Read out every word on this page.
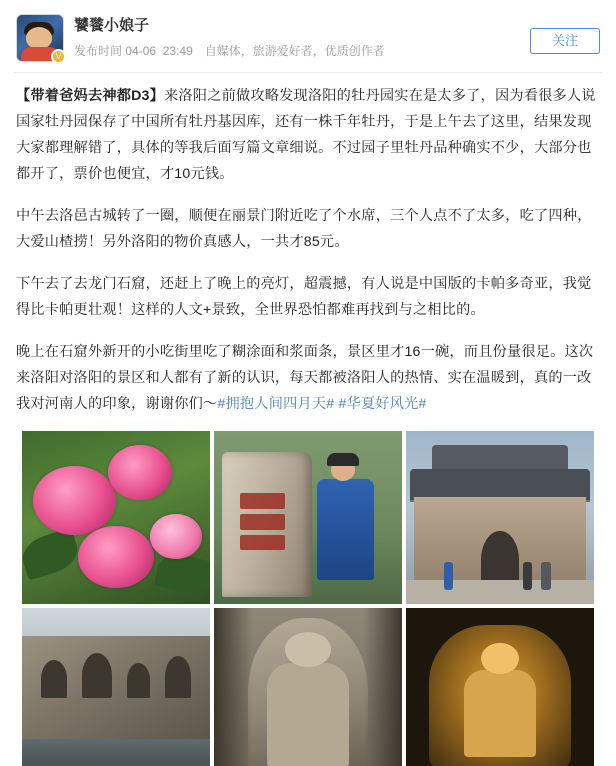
V
饕餮小娘子
发布时间 04-06 23:49 自媒体，旅游爱好者，优质创作者
关注

【带着爸妈去神都D3】来洛阳之前做攻略发现洛阳的牡丹园实在是太多了，因为看很多人说国家牡丹园保存了中国所有牡丹基因库，还有一株千年牡丹，于是上午去了这里，结果发现大家都理解错了，具体的等我后面写篇文章细说。不过园子里牡丹品种确实不少，大部分也都开了，票价也便宜，才10元钱。

中午去洛邑古城转了一圈，顺便在丽景门附近吃了个水席，三个人点不了太多，吃了四种，大爱山楂捞！另外洛阳的物价真感人，一共才85元。

下午去了去龙门石窟，还赶上了晚上的亮灯，超震撼，有人说是中国版的卡帕多奇亚，我觉得比卡帕更壮观！这样的人文+景致，全世界恐怕都难再找到与之相比的。

晚上在石窟外新开的小吃街里吃了糊涂面和浆面条，景区里才16一碗，而且份量很足。这次来洛阳对洛阳的景区和人都有了新的认识，每天都被洛阳人的热情、实在温暖到，真的一改我对河南人的印象，谢谢你们～#拥抱人间四月天# #华夏好风光#
